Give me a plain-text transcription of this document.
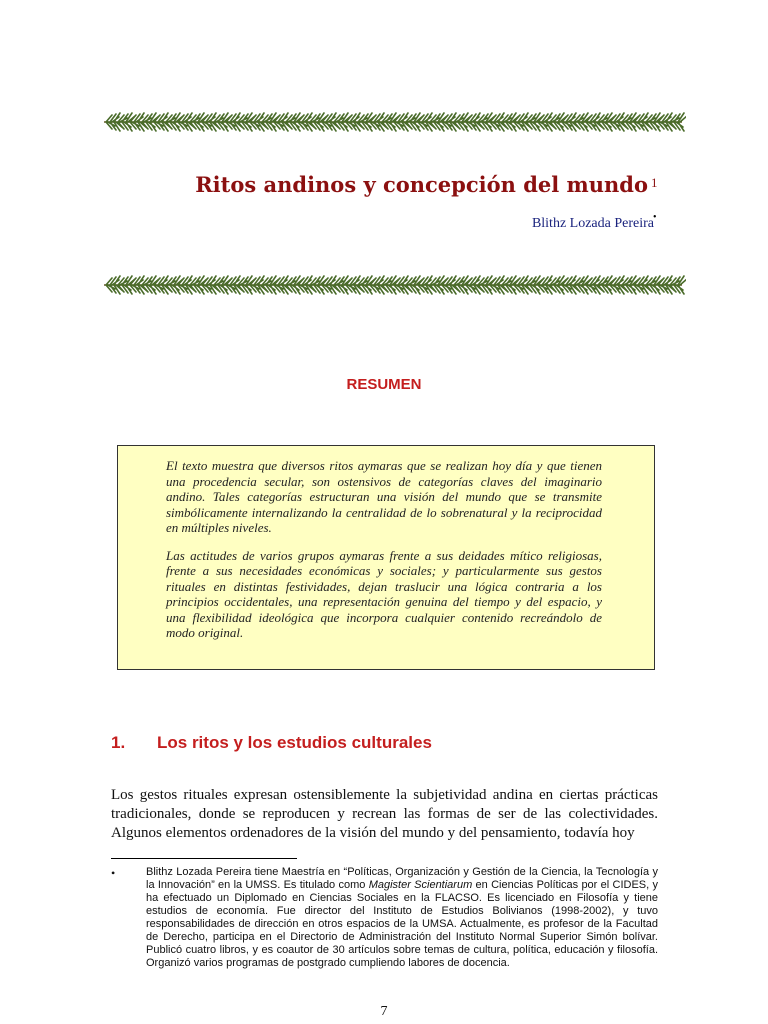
Ritos andinos y concepción del mundo 1
Blithz Lozada Pereira •
RESUMEN

El texto muestra que diversos ritos aymaras que se realizan hoy día y que tienen una procedencia secular, son ostensivos de categorías claves del imaginario andino. Tales categorías estructuran una visión del mundo que se transmite simbólicamente internalizando la centralidad de lo sobrenatural y la reciprocidad en múltiples niveles.

Las actitudes de varios grupos aymaras frente a sus deidades mítico religiosas, frente a sus necesidades económicas y sociales; y particularmente sus gestos rituales en distintas festividades, dejan traslucir una lógica contraria a los principios occidentales, una representación genuina del tiempo y del espacio, y una flexibilidad ideológica que incorpora cualquier contenido recreándolo de modo original.

1. Los ritos y los estudios culturales

Los gestos rituales expresan ostensiblemente la subjetividad andina en ciertas prácticas tradicionales, donde se reproducen y recrean las formas de ser de las colectividades. Algunos elementos ordenadores de la visión del mundo y del pensamiento, todavía hoy

•	Blithz Lozada Pereira tiene Maestría en “Políticas, Organización y Gestión de la Ciencia, la Tecnología y la Innovación” en la UMSS. Es titulado como Magister Scientiarum en Ciencias Políticas por el CIDES, y ha efectuado un Diplomado en Ciencias Sociales en la FLACSO. Es licenciado en Filosofía y tiene estudios de economía. Fue director del Instituto de Estudios Bolivianos (1998-2002), y tuvo responsabilidades de dirección en otros espacios de la UMSA. Actualmente, es profesor de la Facultad de Derecho, participa en el Directorio de Administración del Instituto Normal Superior Simón bolívar. Publicó cuatro libros, y es coautor de 30 artículos sobre temas de cultura, política, educación y filosofía. Organizó varios programas de postgrado cumpliendo labores de docencia.

7
